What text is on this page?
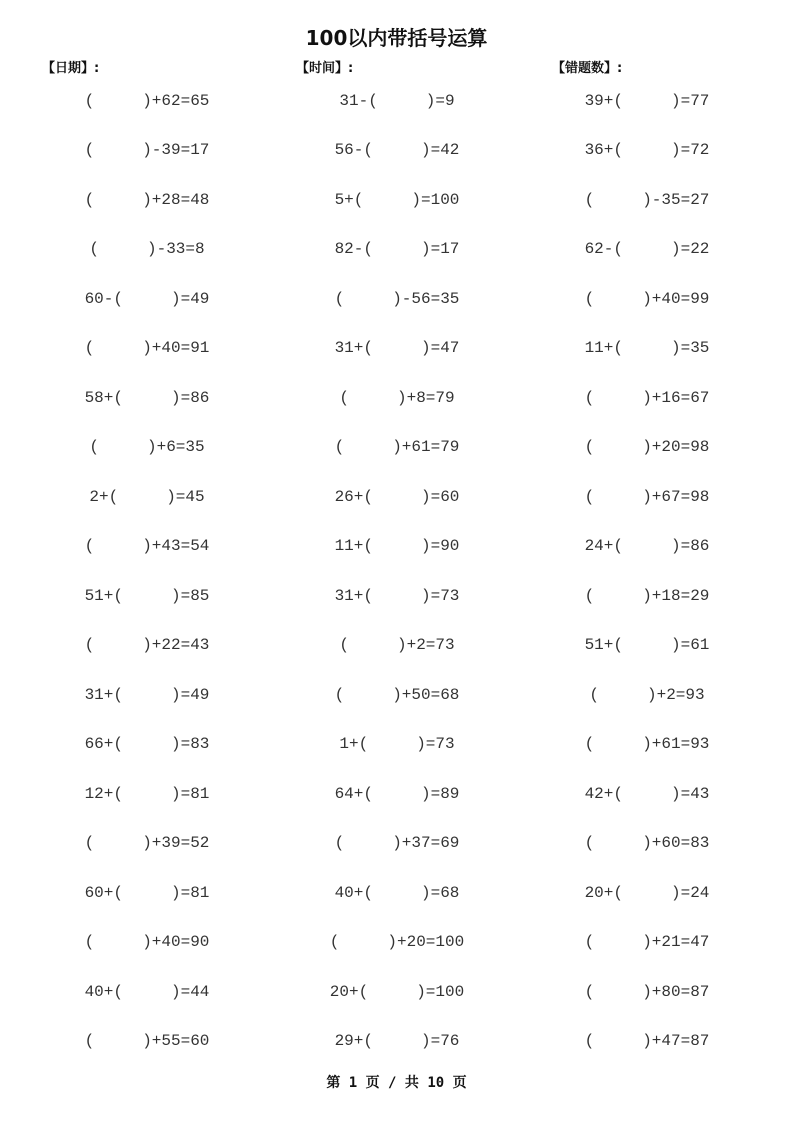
100以内带括号运算
【日期】:	【时间】:	【错题数】:
(     )+62=65
(     )-39=17
(     )+28=48
(     )-33=8
60-(     )=49
(     )+40=91
58+(     )=86
(     )+6=35
2+(     )=45
(     )+43=54
51+(     )=85
(     )+22=43
31+(     )=49
66+(     )=83
12+(     )=81
(     )+39=52
60+(     )=81
(     )+40=90
40+(     )=44
(     )+55=60
31-(     )=9
56-(     )=42
5+(     )=100
82-(     )=17
(     )-56=35
31+(     )=47
(     )+8=79
(     )+61=79
26+(     )=60
11+(     )=90
31+(     )=73
(     )+2=73
(     )+50=68
1+(     )=73
64+(     )=89
(     )+37=69
40+(     )=68
(     )+20=100
20+(     )=100
29+(     )=76
39+(     )=77
36+(     )=72
(     )-35=27
62-(     )=22
(     )+40=99
11+(     )=35
(     )+16=67
(     )+20=98
(     )+67=98
24+(     )=86
(     )+18=29
51+(     )=61
(     )+2=93
(     )+61=93
42+(     )=43
(     )+60=83
20+(     )=24
(     )+21=47
(     )+80=87
(     )+47=87
第 1 页 / 共 10 页
